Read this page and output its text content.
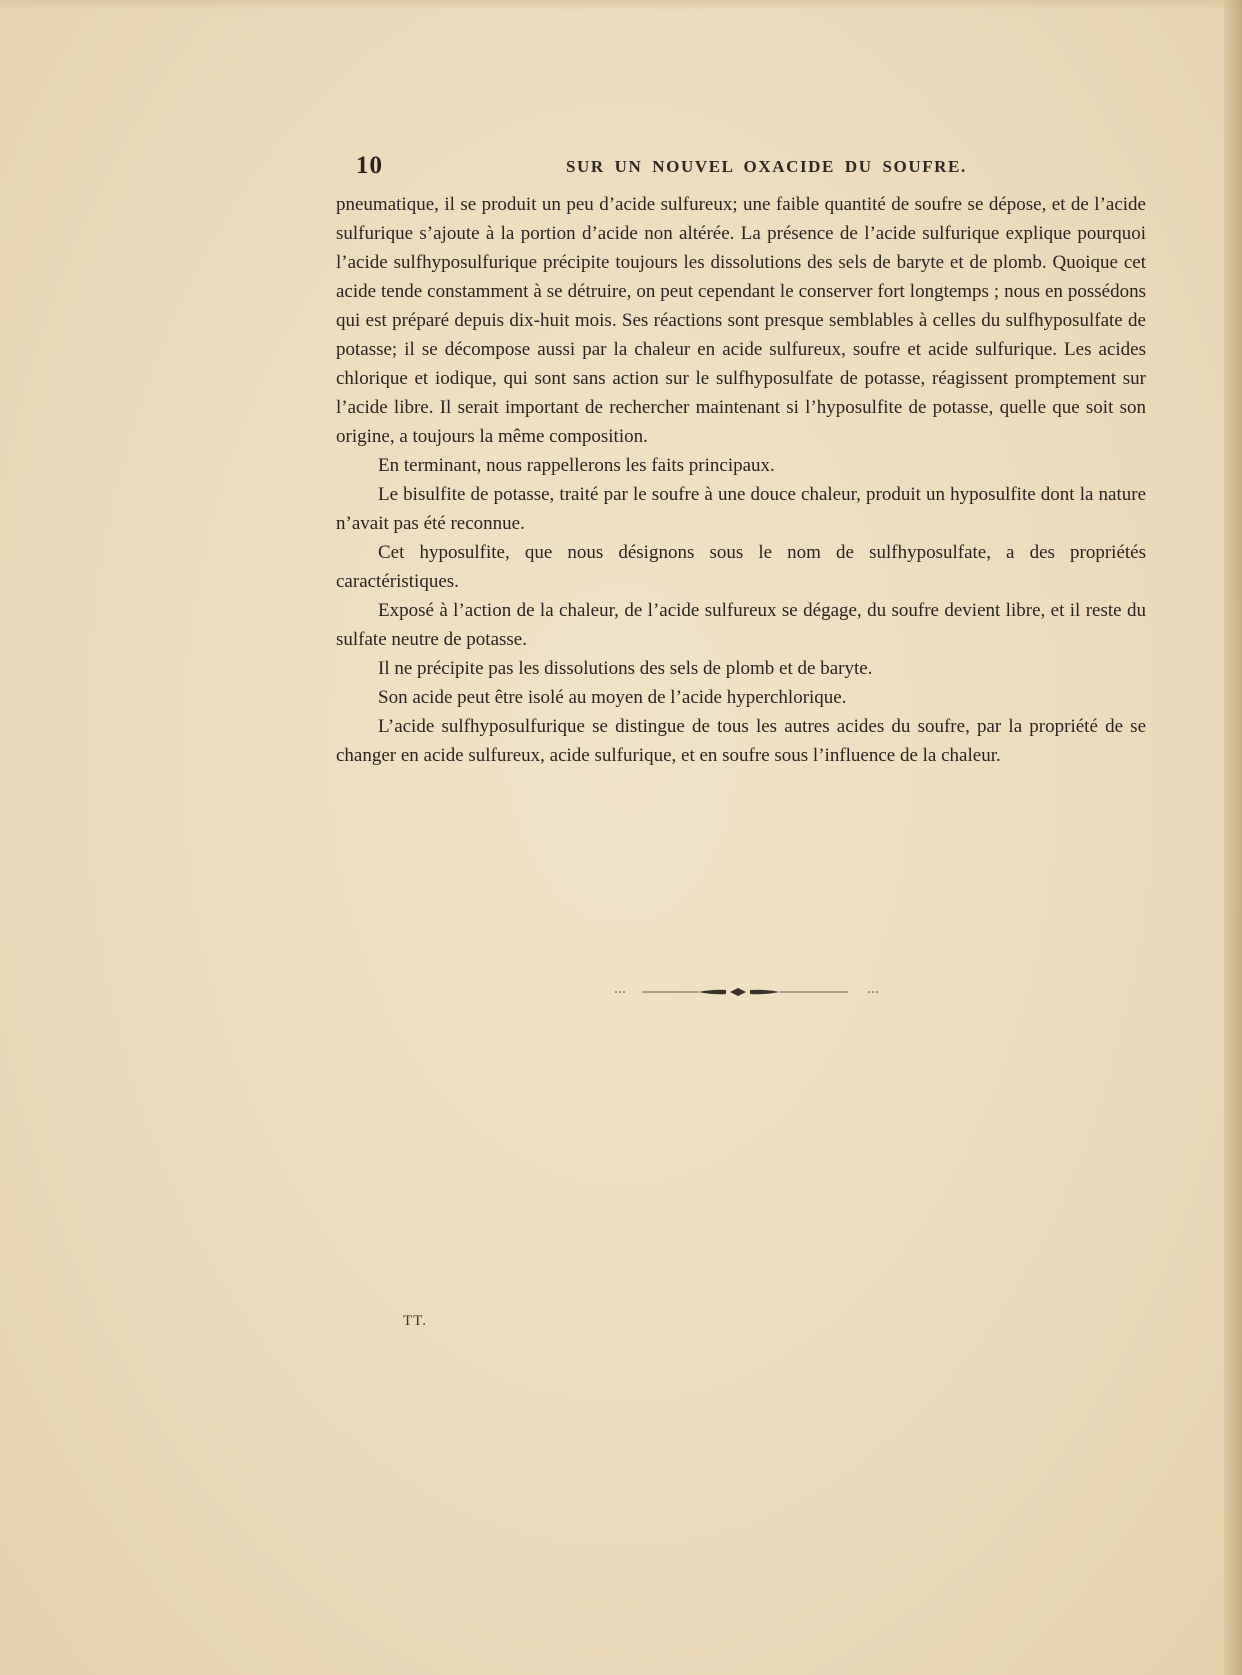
10	SUR UN NOUVEL OXACIDE DU SOUFRE.

pneumatique, il se produit un peu d’acide sulfureux; une faible quantité de soufre se dépose, et de l’acide sulfurique s’ajoute à la portion d’acide non altérée. La présence de l’acide sulfurique explique pourquoi l’acide sulfhyposulfurique précipite toujours les dissolutions des sels de baryte et de plomb. Quoique cet acide tende constamment à se détruire, on peut cependant le conserver fort longtemps ; nous en possédons qui est préparé depuis dix-huit mois. Ses réactions sont presque semblables à celles du sulfhyposulfate de potasse; il se décompose aussi par la chaleur en acide sulfureux, soufre et acide sulfurique. Les acides chlorique et iodique, qui sont sans action sur le sulfhyposulfate de potasse, réagissent promptement sur l’acide libre. Il serait important de rechercher maintenant si l’hyposulfite de potasse, quelle que soit son origine, a toujours la même composition.

En terminant, nous rappellerons les faits principaux.

Le bisulfite de potasse, traité par le soufre à une douce chaleur, produit un hyposulfite dont la nature n’avait pas été reconnue.

Cet hyposulfite, que nous désignons sous le nom de sulfhyposulfate, a des propriétés caractéristiques.

Exposé à l’action de la chaleur, de l’acide sulfureux se dégage, du soufre devient libre, et il reste du sulfate neutre de potasse.

Il ne précipite pas les dissolutions des sels de plomb et de baryte.

Son acide peut être isolé au moyen de l’acide hyperchlorique.

L’acide sulfhyposulfurique se distingue de tous les autres acides du soufre, par la propriété de se changer en acide sulfureux, acide sulfurique, et en soufre sous l’influence de la chaleur.

TT.
